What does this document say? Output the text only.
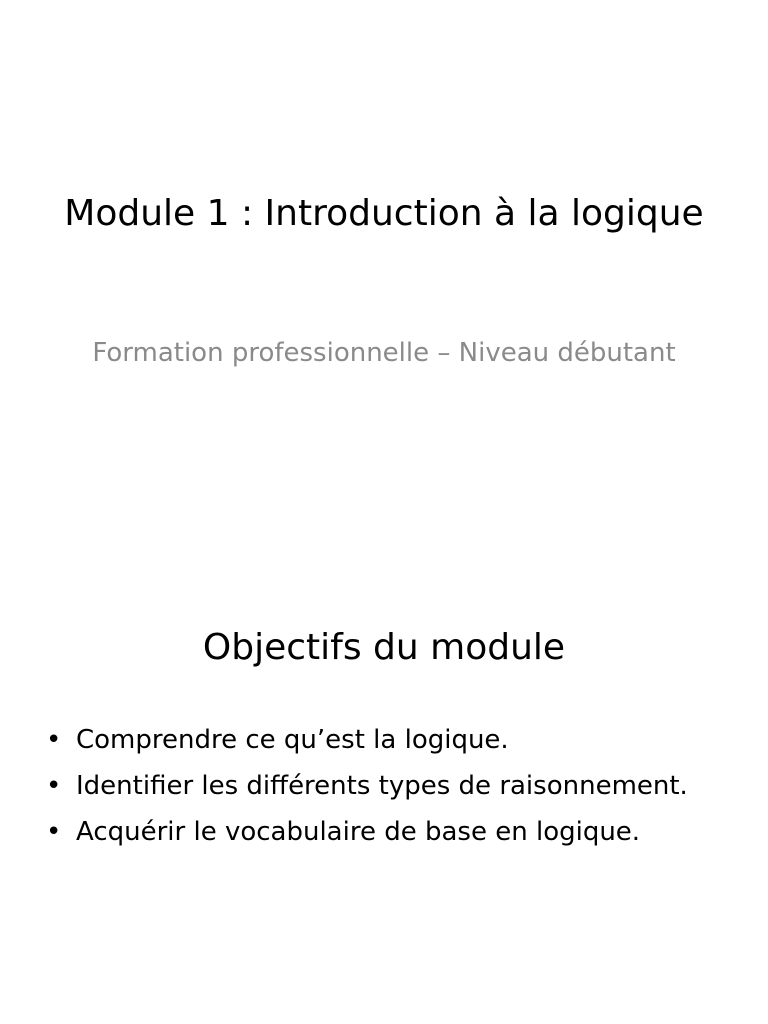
Module 1 : Introduction à la logique

Formation professionnelle – Niveau débutant

Objectifs du module
• Comprendre ce qu’est la logique.
• Identifier les différents types de raisonnement.
• Acquérir le vocabulaire de base en logique.
